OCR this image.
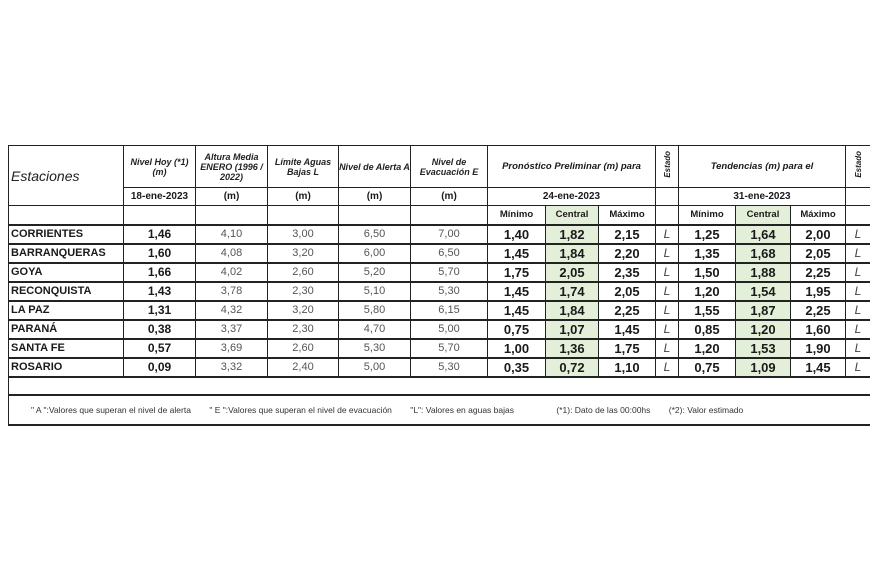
Estaciones	Nivel Hoy (*1) (m)	Altura Media ENERO (1996 / 2022)	Límite Aguas Bajas L	Nivel de Alerta A	Nivel de Evacuación E	Pronóstico Preliminar (m) para			Estado	Tendencias (m) para el			Estado
	18-ene-2023	(m)	(m)	(m)	(m)	24-ene-2023				31-ene-2023			
						Mínimo	Central	Máximo		Mínimo	Central	Máximo	
CORRIENTES	1,46	4,10	3,00	6,50	7,00	1,40	1,82	2,15	L	1,25	1,64	2,00	L
BARRANQUERAS	1,60	4,08	3,20	6,00	6,50	1,45	1,84	2,20	L	1,35	1,68	2,05	L
GOYA	1,66	4,02	2,60	5,20	5,70	1,75	2,05	2,35	L	1,50	1,88	2,25	L
RECONQUISTA	1,43	3,78	2,30	5,10	5,30	1,45	1,74	2,05	L	1,20	1,54	1,95	L
LA PAZ	1,31	4,32	3,20	5,80	6,15	1,45	1,84	2,25	L	1,55	1,87	2,25	L
PARANÁ	0,38	3,37	2,30	4,70	5,00	0,75	1,07	1,45	L	0,85	1,20	1,60	L
SANTA FE	0,57	3,69	2,60	5,30	5,70	1,00	1,36	1,75	L	1,20	1,53	1,90	L
ROSARIO	0,09	3,32	2,40	5,00	5,30	0,35	0,72	1,10	L	0,75	1,09	1,45	L

" A ":Valores que superan el nivel de alerta " E ":Valores que superan el nivel de evacuación "L": Valores en aguas bajas (*1): Dato de las 00:00hs (*2): Valor estimado													
